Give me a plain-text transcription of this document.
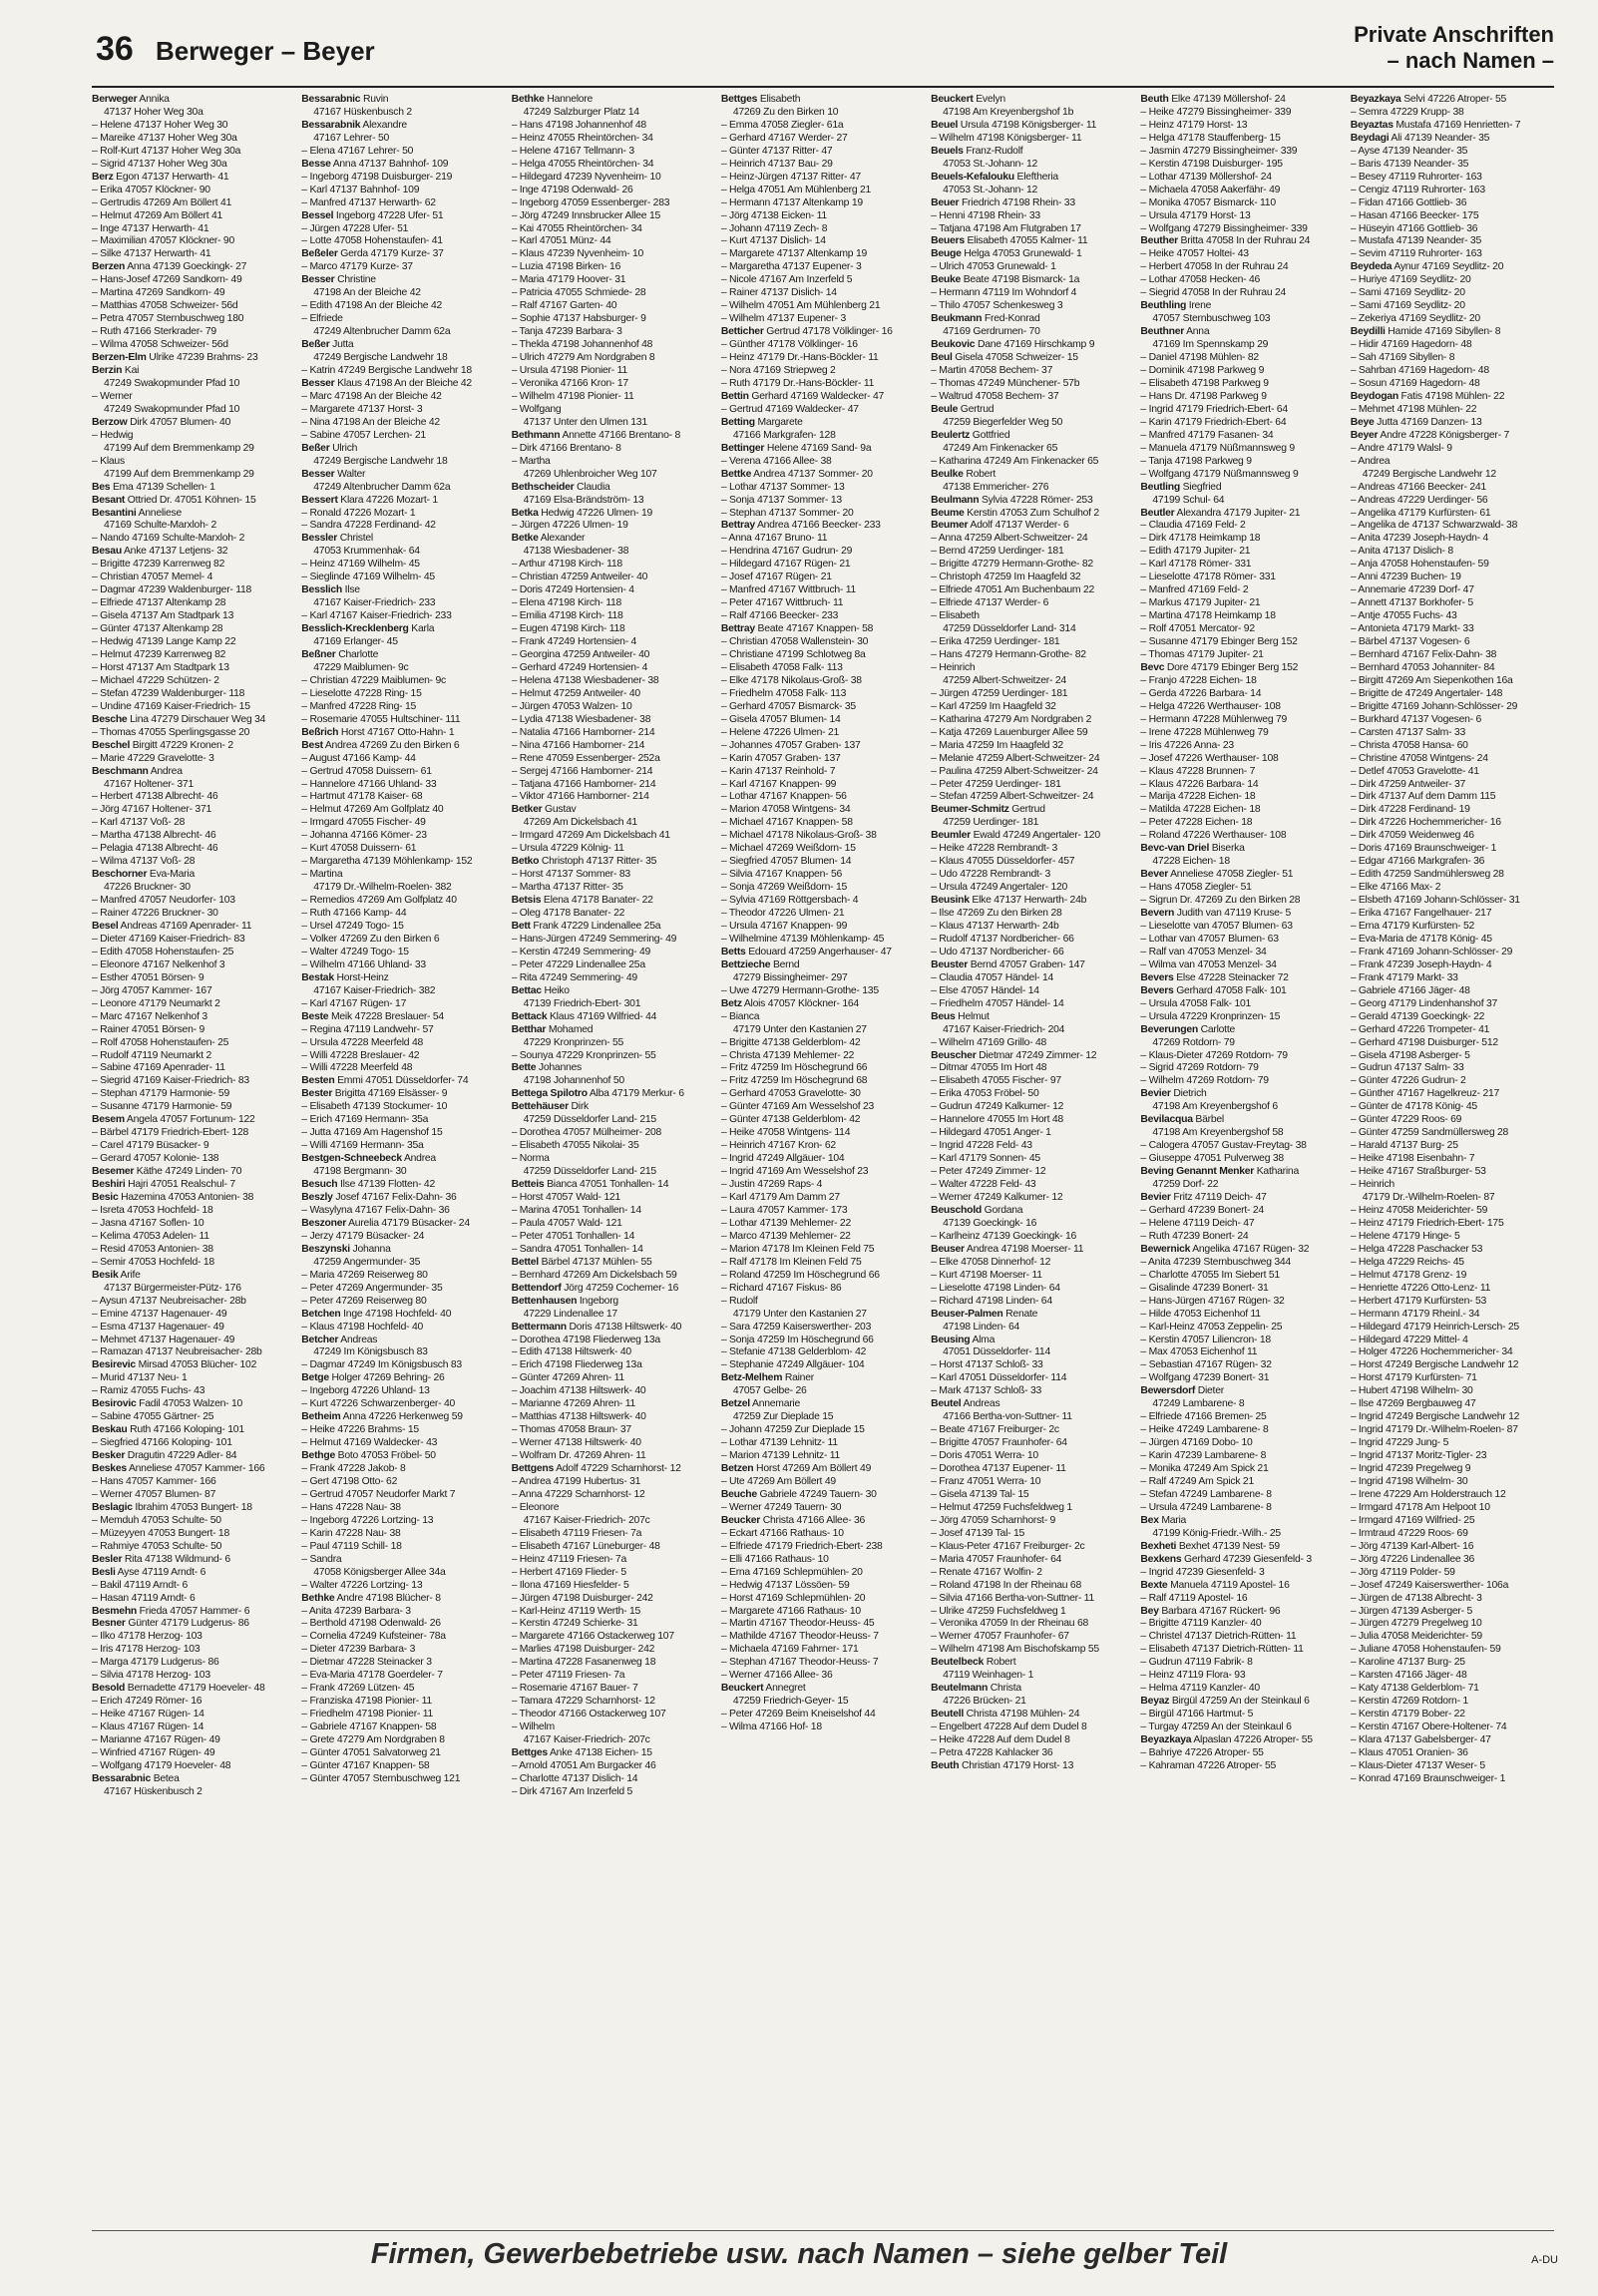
36 Berweger – Beyer
Private Anschriften
– nach Namen –
Berweger Annika
47137 Hoher Weg 30a
– Helene 47137 Hoher Weg 30
– Mareike 47137 Hoher Weg 30a
– Rolf-Kurt 47137 Hoher Weg 30a
– Sigrid 47137 Hoher Weg 30a
Berz Egon 47137 Herwarth- 41
– Erika 47057 Klöckner- 90
– Gertrudis 47269 Am Böllert 41
– Helmut 47269 Am Böllert 41
– Inge 47137 Herwarth- 41
– Maximilian 47057 Klöckner- 90
– Silke 47137 Herwarth- 41
Berzen Anna 47139 Goeckingk- 27
– Hans-Josef 47269 Sandkorn- 49
– Martina 47269 Sandkorn- 49
– Matthias 47058 Schweizer- 56d
– Petra 47057 Sternbuschweg 180
– Ruth 47166 Sterkrader- 79
– Wilma 47058 Schweizer- 56d
Berzen-Elm Ulrike 47239 Brahms- 23
Berzin Kai
47249 Swakopmunder Pfad 10
– Werner
47249 Swakopmunder Pfad 10
Berzow Dirk 47057 Blumen- 40
– Hedwig
47199 Auf dem Bremmenkamp 29
– Klaus
47199 Auf dem Bremmenkamp 29
Bes Ema 47139 Schellen- 1
Besant Ottried Dr. 47051 Köhnen- 15
Besantini Anneliese
47169 Schulte-Marxloh- 2
– Nando 47169 Schulte-Marxloh- 2
Besau Anke 47137 Letjens- 32
– Brigitte 47239 Karrenweg 82
– Christian 47057 Memel- 4
– Dagmar 47239 Waldenburger- 118
– Elfriede 47137 Altenkamp 28
– Gisela 47137 Am Stadtpark 13
– Günter 47137 Altenkamp 28
– Hedwig 47139 Lange Kamp 22
– Helmut 47239 Karrenweg 82
– Horst 47137 Am Stadtpark 13
– Michael 47229 Schützen- 2
– Stefan 47239 Waldenburger- 118
– Undine 47169 Kaiser-Friedrich- 15
Besche Lina 47279 Dirschauer Weg 34
– Thomas 47055 Sperlingsgasse 20
Beschel Birgitt 47229 Kronen- 2
– Marie 47229 Gravelotte- 3
Beschmann Andrea
47167 Holtener- 371
– Herbert 47138 Albrecht- 46
– Jörg 47167 Holtener- 371
– Karl 47137 Voß- 28
– Martha 47138 Albrecht- 46
– Pelagia 47138 Albrecht- 46
– Wilma 47137 Voß- 28
Beschorner Eva-Maria
47226 Bruckner- 30
– Manfred 47057 Neudorfer- 103
– Rainer 47226 Bruckner- 30
Besel Andreas 47169 Apenrader- 11
– Dieter 47169 Kaiser-Friedrich- 83
– Edith 47058 Hohenstaufen- 25
– Eleonore 47167 Nelkenhof 3
– Esther 47051 Börsen- 9
– Jörg 47057 Kammer- 167
– Leonore 47179 Neumarkt 2
– Marc 47167 Nelkenhof 3
– Rainer 47051 Börsen- 9
– Rolf 47058 Hohenstaufen- 25
– Rudolf 47119 Neumarkt 2
– Sabine 47169 Apenrader- 11
– Siegrid 47169 Kaiser-Friedrich- 83
– Stephan 47179 Harmonie- 59
– Susanne 47179 Harmonie- 59
Besem Angela 47057 Fortunum- 122
– Bärbel 47179 Friedrich-Ebert- 128
– Carel 47179 Büsacker- 9
– Gerard 47057 Kolonie- 138
Besemer Käthe 47249 Linden- 70
Beshiri Hajri 47051 Realschul- 7
Besic Hazemina 47053 Antonien- 38
– Isreta 47053 Hochfeld- 18
– Jasna 47167 Soflen- 10
– Kelima 47053 Adelen- 11
– Resid 47053 Antonien- 38
– Semir 47053 Hochfeld- 18
Besik Arife
47137 Bürgermeister-Pütz- 176
– Aysun 47137 Neubreisacher- 28b
– Emine 47137 Hagenauer- 49
– Esma 47137 Hagenauer- 49
– Mehmet 47137 Hagenauer- 49
– Ramazan 47137 Neubreisacher- 28b
Besirevic Mirsad 47053 Blücher- 102
– Murid 47137 Neu- 1
– Ramiz 47055 Fuchs- 43
Besirovic Fadil 47053 Walzen- 10
– Sabine 47055 Gärtner- 25
Beskau Ruth 47166 Koloping- 101
– Siegfried 47166 Koloping- 101
Besker Dragutin 47229 Adler- 84
Beskes Anneliese 47057 Kammer- 166
– Hans 47057 Kammer- 166
– Werner 47057 Blumen- 87
Beslagic Ibrahim 47053 Bungert- 18
– Memduh 47053 Schulte- 50
– Müzeyyen 47053 Bungert- 18
– Rahmiye 47053 Schulte- 50
Besler Rita 47138 Wildmund- 6
Besli Ayse 47119 Arndt- 6
– Bakil 47119 Arndt- 6
– Hasan 47119 Arndt- 6
Besmehn Frieda 47057 Hammer- 6
Besner Günter 47179 Ludgerus- 86
– Ilko 47178 Herzog- 103
– Iris 47178 Herzog- 103
– Marga 47179 Ludgerus- 86
– Silvia 47178 Herzog- 103
Besold Bernadette 47179 Hoeveler- 48
– Erich 47249 Römer- 16
– Heike 47167 Rügen- 14
– Klaus 47167 Rügen- 14
– Marianne 47167 Rügen- 49
– Winfried 47167 Rügen- 49
– Wolfgang 47179 Hoeveler- 48
Bessarabnic Betea
47167 Hüskenbusch 2
Bessarabnic Ruvin
47167 Hüskenbusch 2
Bessarabnik Alexandre
47167 Lehrer- 50
– Elena 47167 Lehrer- 50
Besse Anna 47137 Bahnhof- 109
– Ingeborg 47198 Duisburger- 219
– Karl 47137 Bahnhof- 109
– Manfred 47137 Herwarth- 62
Bessel Ingeborg 47228 Ufer- 51
– Jürgen 47228 Ufer- 51
– Lotte 47058 Hohenstaufen- 41
Beßeler Gerda 47179 Kurze- 37
– Marco 47179 Kurze- 37
Besser Christine
47198 An der Bleiche 42
– Edith 47198 An der Bleiche 42
– Elfriede
47249 Altenbrucher Damm 62a
Beßer Jutta
47249 Bergische Landwehr 18
– Katrin 47249 Bergische Landwehr 18
Besser Klaus 47198 An der Bleiche 42
– Marc 47198 An der Bleiche 42
– Margarete 47137 Horst- 3
– Nina 47198 An der Bleiche 42
– Sabine 47057 Lerchen- 21
Beßer Ulrich
47249 Bergische Landwehr 18
Besser Walter
47249 Altenbrucher Damm 62a
Bessert Klara 47226 Mozart- 1
– Ronald 47226 Mozart- 1
– Sandra 47228 Ferdinand- 42
Bessler Christel
47053 Krummenhak- 64
– Heinz 47169 Wilhelm- 45
– Sieglinde 47169 Wilhelm- 45
Besslich Ilse
47167 Kaiser-Friedrich- 233
– Karl 47167 Kaiser-Friedrich- 233
Besslich-Krecklenberg Karla
47169 Erlanger- 45
Beßner Charlotte
47229 Maiblumen- 9c
– Christian 47229 Maiblumen- 9c
– Lieselotte 47228 Ring- 15
– Manfred 47228 Ring- 15
– Rosemarie 47055 Hultschiner- 111
Beßrich Horst 47167 Otto-Hahn- 1
Best Andrea 47269 Zu den Birken 6
– August 47166 Kamp- 44
– Gertrud 47058 Duissern- 61
– Hannelore 47166 Uhland- 33
– Hartmut 47178 Kaiser- 68
– Helmut 47269 Am Golfplatz 40
– Irmgard 47055 Fischer- 49
– Johanna 47166 Kömer- 23
– Kurt 47058 Duissern- 61
– Margaretha 47139 Möhlenkamp- 152
– Martina
47179 Dr.-Wilhelm-Roelen- 382
– Remedios 47269 Am Golfplatz 40
– Ruth 47166 Kamp- 44
– Ursel 47249 Togo- 15
– Volker 47269 Zu den Birken 6
– Walter 47249 Togo- 15
– Wilhelm 47166 Uhland- 33
Bestak Horst-Heinz
47167 Kaiser-Friedrich- 382
– Karl 47167 Rügen- 17
Beste Meik 47228 Breslauer- 54
– Regina 47119 Landwehr- 57
– Ursula 47228 Meerfeld 48
– Willi 47228 Breslauer- 42
– Willi 47228 Meerfeld 48
Besten Emmi 47051 Düsseldorfer- 74
Bester Brigitta 47169 Elsässer- 9
– Elisabeth 47139 Stockumer- 10
– Erich 47169 Hermann- 35a
– Jutta 47169 Am Hagenshof 15
– Willi 47169 Hermann- 35a
Bestgen-Schneebeck Andrea
47198 Bergmann- 30
Besuch Ilse 47139 Flotten- 42
Beszly Josef 47167 Felix-Dahn- 36
– Wasylyna 47167 Felix-Dahn- 36
Beszoner Aurelia 47179 Büsacker- 24
– Jerzy 47179 Büsacker- 24
Beszynski Johanna
47259 Angermunder- 35
– Maria 47269 Reiserweg 80
– Peter 47269 Angermunder- 35
– Peter 47269 Reiserweg 80
Betchen Inge 47198 Hochfeld- 40
– Klaus 47198 Hochfeld- 40
Betcher Andreas
47249 Im Königsbusch 83
– Dagmar 47249 Im Königsbusch 83
Betge Holger 47269 Behring- 26
– Ingeborg 47226 Uhland- 13
– Kurt 47226 Schwarzenberger- 40
Betheim Anna 47226 Herkenweg 59
– Heike 47226 Brahms- 15
– Helmut 47169 Waldecker- 43
Bethge Boto 47053 Fröbel- 50
– Frank 47228 Jakob- 8
– Gert 47198 Otto- 62
– Gertrud 47057 Neudorfer Markt 7
– Hans 47228 Nau- 38
– Ingeborg 47226 Lortzing- 13
– Karin 47228 Nau- 38
– Paul 47119 Schill- 18
– Sandra
47058 Königsberger Allee 34a
– Walter 47226 Lortzing- 13
Bethke Andre 47198 Blücher- 8
– Anita 47239 Barbara- 3
– Berthold 47198 Odenwald- 26
– Cornelia 47249 Kufsteiner- 78a
– Dieter 47239 Barbara- 3
– Dietmar 47228 Steinacker 3
– Eva-Maria 47178 Goerdeler- 7
– Frank 47269 Lützen- 45
– Franziska 47198 Pionier- 11
– Friedhelm 47198 Pionier- 11
– Gabriele 47167 Knappen- 58
– Grete 47279 Am Nordgraben 8
– Günter 47051 Salvatorweg 21
– Günter 47167 Knappen- 58
– Günter 47057 Sternbuschweg 121
Bethke Hannelore
47249 Salzburger Platz 14
– Hans 47198 Johannenhof 48
– Heinz 47055 Rheintörchen- 34
– Helene 47167 Tellmann- 3
– Helga 47055 Rheintörchen- 34
– Hildegard 47239 Nyvenheim- 10
– Inge 47198 Odenwald- 26
– Ingeborg 47059 Essenberger- 283
– Jörg 47249 Innsbrucker Allee 15
– Kai 47055 Rheintörchen- 34
– Karl 47051 Münz- 44
– Klaus 47239 Nyvenheim- 10
– Luzia 47198 Birken- 16
– Maria 47179 Hoover- 31
– Patricia 47055 Schmiede- 28
– Ralf 47167 Garten- 40
– Sophie 47137 Habsburger- 9
– Tanja 47239 Barbara- 3
– Thekla 47198 Johannenhof 48
– Ulrich 47279 Am Nordgraben 8
– Ursula 47198 Pionier- 11
– Veronika 47166 Kron- 17
– Wilhelm 47198 Pionier- 11
– Wolfgang
47137 Unter den Ulmen 131
Bethmann Annette 47166 Brentano- 8
– Dirk 47166 Brentano- 8
– Martha
47269 Uhlenbroicher Weg 107
Bethscheider Claudia
47169 Elsa-Brändström- 13
Betka Hedwig 47226 Ulmen- 19
– Jürgen 47226 Ulmen- 19
Betke Alexander
47138 Wiesbadener- 38
– Arthur 47198 Kirch- 118
– Christian 47259 Antweiler- 40
– Doris 47249 Hortensien- 4
– Elena 47198 Kirch- 118
– Emilia 47198 Kirch- 118
– Eugen 47198 Kirch- 118
– Frank 47249 Hortensien- 4
– Georgina 47259 Antweiler- 40
– Gerhard 47249 Hortensien- 4
– Helena 47138 Wiesbadener- 38
– Helmut 47259 Antweiler- 40
– Jürgen 47053 Walzen- 10
– Lydia 47138 Wiesbadener- 38
– Natalia 47166 Hamborner- 214
– Nina 47166 Hamborner- 214
– Rene 47059 Essenberger- 252a
– Sergej 47166 Hamborner- 214
– Tatjana 47166 Hamborner- 214
– Viktor 47166 Hamborner- 214
Betker Gustav
47269 Am Dickelsbach 41
– Irmgard 47269 Am Dickelsbach 41
– Ursula 47229 Kölnig- 11
Betko Christoph 47137 Ritter- 35
– Horst 47137 Sommer- 83
– Martha 47137 Ritter- 35
Betsis Elena 47178 Banater- 22
– Oleg 47178 Banater- 22
Bett Frank 47229 Lindenallee 25a
– Hans-Jürgen 47249 Semmering- 49
– Kerstin 47249 Semmering- 49
– Peter 47229 Lindenallee 25a
– Rita 47249 Semmering- 49
Bettac Heiko
47139 Friedrich-Ebert- 301
Bettack Klaus 47169 Wilfried- 44
Betthar Mohamed
47229 Kronprinzen- 55
– Sounya 47229 Kronprinzen- 55
Bette Johannes
47198 Johannenhof 50
Bettega Spilotro Alba 47179 Merkur- 6
Bettehäuser Dirk
47259 Düsseldorfer Land- 215
– Dorothea 47057 Mülheimer- 208
– Elisabeth 47055 Nikolai- 35
– Norma
47259 Düsseldorfer Land- 215
Betteis Bianca 47051 Tonhallen- 14
– Horst 47057 Wald- 121
– Marina 47051 Tonhallen- 14
– Paula 47057 Wald- 121
– Peter 47051 Tonhallen- 14
– Sandra 47051 Tonhallen- 14
Bettel Bärbel 47137 Mühlen- 55
– Bernhard 47269 Am Dickelsbach 59
Bettendorf Jörg 47259 Cochemer- 16
Bettenhausen Ingeborg
47229 Lindenallee 17
Bettermann Doris 47138 Hiltswerk- 40
– Dorothea 47198 Fliederweg 13a
– Edith 47138 Hiltswerk- 40
– Erich 47198 Fliederweg 13a
– Günter 47269 Ahren- 11
– Joachim 47138 Hiltswerk- 40
– Marianne 47269 Ahren- 11
– Matthias 47138 Hiltswerk- 40
– Thomas 47058 Braun- 37
– Werner 47138 Hiltswerk- 40
– Wolfram Dr. 47269 Ahren- 11
Bettgens Adolf 47229 Scharnhorst- 12
– Andrea 47199 Hubertus- 31
– Anna 47229 Scharnhorst- 12
– Eleonore
47167 Kaiser-Friedrich- 207c
– Elisabeth 47119 Friesen- 7a
– Elisabeth 47167 Lüneburger- 48
– Heinz 47119 Friesen- 7a
– Herbert 47169 Flieder- 5
– Ilona 47169 Hiesfelder- 5
– Jürgen 47198 Duisburger- 242
– Karl-Heinz 47119 Werth- 15
– Kerstin 47249 Schierke- 31
– Margarete 47166 Ostackerweg 107
– Marlies 47198 Duisburger- 242
– Martina 47228 Fasanenweg 18
– Peter 47119 Friesen- 7a
– Rosemarie 47167 Bauer- 7
– Tamara 47229 Scharnhorst- 12
– Theodor 47166 Ostackerweg 107
– Wilhelm
47167 Kaiser-Friedrich- 207c
Bettges Anke 47138 Eichen- 15
– Arnold 47051 Am Burgacker 46
– Charlotte 47137 Dislich- 14
– Dirk 47167 Am Inzerfeld 5
Bettges Elisabeth
47269 Zu den Birken 10
– Emma 47058 Ziegler- 61a
– Gerhard 47167 Werder- 27
– Günter 47137 Ritter- 47
– Heinrich 47137 Bau- 29
– Heinz-Jürgen 47137 Ritter- 47
– Helga 47051 Am Mühlenberg 21
– Hermann 47137 Altenkamp 19
– Jörg 47138 Eicken- 11
– Johann 47119 Zech- 8
– Kurt 47137 Dislich- 14
– Margarete 47137 Altenkamp 19
– Margaretha 47137 Eupener- 3
– Nicole 47167 Am Inzerfeld 5
– Rainer 47137 Dislich- 14
– Wilhelm 47051 Am Mühlenberg 21
– Wilhelm 47137 Eupener- 3
Betticher Gertrud 47178 Völklinger- 16
– Günther 47178 Völklinger- 16
– Heinz 47179 Dr.-Hans-Böckler- 11
– Nora 47169 Striepweg 2
– Ruth 47179 Dr.-Hans-Böckler- 11
Bettin Gerhard 47169 Waldecker- 47
– Gertrud 47169 Waldecker- 47
Betting Margarete
47166 Markgrafen- 128
Bettinger Helene 47169 Sand- 9a
– Verena 47166 Allee- 38
Bettke Andrea 47137 Sommer- 20
– Lothar 47137 Sommer- 13
– Sonja 47137 Sommer- 13
– Stephan 47137 Sommer- 20
Bettray Andrea 47166 Beecker- 233
– Anna 47167 Bruno- 11
– Hendrina 47167 Gudrun- 29
– Hildegard 47167 Rügen- 21
– Josef 47167 Rügen- 21
– Manfred 47167 Wittbruch- 11
– Peter 47167 Wittbruch- 11
– Ralf 47166 Beecker- 233
Bettray Beate 47167 Knappen- 58
– Christian 47058 Wallenstein- 30
– Christiane 47199 Schlotweg 8a
– Elisabeth 47058 Falk- 113
– Elke 47178 Nikolaus-Groß- 38
– Friedhelm 47058 Falk- 113
– Gerhard 47057 Bismarck- 35
– Gisela 47057 Blumen- 14
– Helene 47226 Ulmen- 21
– Johannes 47057 Graben- 137
– Karin 47057 Graben- 137
– Karin 47137 Reinhold- 7
– Karl 47167 Knappen- 99
– Lothar 47167 Knappen- 56
– Marion 47058 Wintgens- 34
– Michael 47167 Knappen- 58
– Michael 47178 Nikolaus-Groß- 38
– Michael 47269 Weißdorn- 15
– Siegfried 47057 Blumen- 14
– Silvia 47167 Knappen- 56
– Sonja 47269 Weißdorn- 15
– Sylvia 47169 Röttgersbach- 4
– Theodor 47226 Ulmen- 21
– Ursula 47167 Knappen- 99
– Wilhelmine 47139 Möhlenkamp- 45
Betts Edouard 47259 Angerhauser- 47
Bettzieche Bernd
47279 Bissingheimer- 297
– Uwe 47279 Hermann-Grothe- 135
Betz Alois 47057 Klöckner- 164
– Bianca
47179 Unter den Kastanien 27
– Brigitte 47138 Gelderblom- 42
– Christa 47139 Mehlemer- 22
– Fritz 47259 Im Höschegrund 66
– Fritz 47259 Im Höschegrund 68
– Gerhard 47053 Gravelotte- 30
– Günter 47169 Am Wesselshof 23
– Günter 47138 Gelderblom- 42
– Heike 47058 Wintgens- 114
– Heinrich 47167 Kron- 62
– Ingrid 47249 Allgäuer- 104
– Ingrid 47169 Am Wesselshof 23
– Justin 47269 Raps- 4
– Karl 47179 Am Damm 27
– Laura 47057 Kammer- 173
– Lothar 47139 Mehlemer- 22
– Marco 47139 Mehlemer- 22
– Marion 47178 Im Kleinen Feld 75
– Ralf 47178 Im Kleinen Feld 75
– Roland 47259 Im Höschegrund 66
– Richard 47167 Fiskus- 86
– Rudolf
47179 Unter den Kastanien 27
– Sara 47259 Kaiserswerther- 203
– Sonja 47259 Im Höschegrund 66
– Stefanie 47138 Gelderblom- 42
– Stephanie 47249 Allgäuer- 104
Betz-Melhem Rainer
47057 Gelbe- 26
Betzel Annemarie
47259 Zur Dieplade 15
– Johann 47259 Zur Dieplade 15
– Lothar 47139 Lehnitz- 11
– Marion 47139 Lehnitz- 11
Betzen Horst 47269 Am Böllert 49
– Ute 47269 Am Böllert 49
Beuche Gabriele 47249 Tauern- 30
– Werner 47249 Tauern- 30
Beucker Christa 47166 Allee- 36
– Eckart 47166 Rathaus- 10
– Elfriede 47179 Friedrich-Ebert- 238
– Elli 47166 Rathaus- 10
– Erna 47169 Schlepmühlen- 20
– Hedwig 47137 Lössöen- 59
– Horst 47169 Schlepmühlen- 20
– Margarete 47166 Rathaus- 10
– Martin 47167 Theodor-Heuss- 45
– Mathilde 47167 Theodor-Heuss- 7
– Michaela 47169 Fahrner- 171
– Stephan 47167 Theodor-Heuss- 7
– Werner 47166 Allee- 36
Beuckert Annegret
47259 Friedrich-Geyer- 15
– Peter 47269 Beim Kneiselshof 44
– Wilma 47166 Hof- 18
Beuckert Evelyn
47198 Am Kreyenbergshof 1b
Beuel Ursula 47198 Königsberger- 11
– Wilhelm 47198 Königsberger- 11
Beuels Franz-Rudolf
47053 St.-Johann- 12
Beuels-Kefalouku Eleftheria
47053 St.-Johann- 12
Beuer Friedrich 47198 Rhein- 33
– Henni 47198 Rhein- 33
– Tatjana 47198 Am Flutgraben 17
Beuers Elisabeth 47055 Kalmer- 11
Beuge Helga 47053 Grunewald- 1
– Ulrich 47053 Grunewald- 1
Beuke Beate 47198 Bismarck- 1a
– Hermann 47119 Im Wohndorf 4
– Thilo 47057 Schenkesweg 3
Beukmann Fred-Konrad
47169 Gerdrumen- 70
Beukovic Dane 47169 Hirschkamp 9
Beul Gisela 47058 Schweizer- 15
– Martin 47058 Bechem- 37
– Thomas 47249 Münchener- 57b
– Waltrud 47058 Bechem- 37
Beule Gertrud
47259 Biegerfelder Weg 50
Beulertz Gottfried
47249 Am Finkenacker 65
– Katharina 47249 Am Finkenacker 65
Beulke Robert
47138 Emmericher- 276
Beulmann Sylvia 47228 Römer- 253
Beume Kerstin 47053 Zum Schulhof 2
Beumer Adolf 47137 Werder- 6
– Anna 47259 Albert-Schweitzer- 24
– Bernd 47259 Uerdinger- 181
– Brigitte 47279 Hermann-Grothe- 82
– Christoph 47259 Im Haagfeld 32
– Elfriede 47051 Am Buchenbaum 22
– Elfriede 47137 Werder- 6
– Elisabeth
47259 Düsseldorfer Land- 314
– Erika 47259 Uerdinger- 181
– Hans 47279 Hermann-Grothe- 82
– Heinrich
47259 Albert-Schweitzer- 24
– Jürgen 47259 Uerdinger- 181
– Karl 47259 Im Haagfeld 32
– Katharina 47279 Am Nordgraben 2
– Katja 47269 Lauenburger Allee 59
– Maria 47259 Im Haagfeld 32
– Melanie 47259 Albert-Schweitzer- 24
– Paulina 47259 Albert-Schweitzer- 24
– Peter 47259 Uerdinger- 181
– Stefan 47259 Albert-Schweitzer- 24
Beumer-Schmitz Gertrud
47259 Uerdinger- 181
Beumler Ewald 47249 Angertaler- 120
– Heike 47228 Rembrandt- 3
– Klaus 47055 Düsseldorfer- 457
– Udo 47228 Rembrandt- 3
– Ursula 47249 Angertaler- 120
Beusink Elke 47137 Herwarth- 24b
– Ilse 47269 Zu den Birken 28
– Klaus 47137 Herwarth- 24b
– Rudolf 47137 Nordbericher- 66
– Udo 47137 Nordbericher- 66
Beuster Bernd 47057 Graben- 147
– Claudia 47057 Händel- 14
– Else 47057 Händel- 14
– Friedhelm 47057 Händel- 14
Beus Helmut
47167 Kaiser-Friedrich- 204
– Wilhelm 47169 Grillo- 48
Beuscher Dietmar 47249 Zimmer- 12
– Ditmar 47055 Im Hort 48
– Elisabeth 47055 Fischer- 97
– Erika 47053 Fröbel- 50
– Gudrun 47249 Kalkumer- 12
– Hannelore 47055 Im Hort 48
– Hildegard 47051 Anger- 1
– Ingrid 47228 Feld- 43
– Karl 47179 Sonnen- 45
– Peter 47249 Zimmer- 12
– Walter 47228 Feld- 43
– Werner 47249 Kalkumer- 12
Beuschold Gordana
47139 Goeckingk- 16
– Karlheinz 47139 Goeckingk- 16
Beuser Andrea 47198 Moerser- 11
– Elke 47058 Dinnerhof- 12
– Kurt 47198 Moerser- 11
– Lieselotte 47198 Linden- 64
– Richard 47198 Linden- 64
Beuser-Palmen Renate
47198 Linden- 64
Beusing Alma
47051 Düsseldorfer- 114
– Horst 47137 Schloß- 33
– Karl 47051 Düsseldorfer- 114
– Mark 47137 Schloß- 33
Beutel Andreas
47166 Bertha-von-Suttner- 11
– Beate 47167 Freiburger- 2c
– Brigitte 47057 Fraunhofer- 64
– Doris 47051 Werra- 10
– Dorothea 47137 Eupener- 11
– Franz 47051 Werra- 10
– Gisela 47139 Tal- 15
– Helmut 47259 Fuchsfeldweg 1
– Jörg 47059 Scharnhorst- 9
– Josef 47139 Tal- 15
– Klaus-Peter 47167 Freiburger- 2c
– Maria 47057 Fraunhofer- 64
– Renate 47167 Wolfin- 2
– Roland 47198 In der Rheinau 68
– Silvia 47166 Bertha-von-Suttner- 11
– Ulrike 47259 Fuchsfeldweg 1
– Veronika 47059 In der Rheinau 68
– Werner 47057 Fraunhofer- 67
– Wilhelm 47198 Am Bischofskamp 55
Beutelbeck Robert
47119 Weinhagen- 1
Beutelmann Christa
47226 Brücken- 21
Beutell Christa 47198 Mühlen- 24
– Engelbert 47228 Auf dem Dudel 8
– Heike 47228 Auf dem Dudel 8
– Petra 47228 Kahlacker 36
Beuth Christian 47179 Horst- 13
Beuth Elke 47139 Möllershof- 24
– Heike 47279 Bissingheimer- 339
– Heinz 47179 Horst- 13
– Helga 47178 Stauffenberg- 15
– Jasmin 47279 Bissingheimer- 339
– Kerstin 47198 Duisburger- 195
– Lothar 47139 Möllershof- 24
– Michaela 47058 Aakerfähr- 49
– Monika 47057 Bismarck- 110
– Ursula 47179 Horst- 13
– Wolfgang 47279 Bissingheimer- 339
Beuther Britta 47058 In der Ruhrau 24
– Heike 47057 Holtei- 43
– Herbert 47058 In der Ruhrau 24
– Lothar 47058 Hecken- 46
– Siegrid 47058 In der Ruhrau 24
Beuthling Irene
47057 Sternbuschweg 103
Beuthner Anna
47169 Im Spennskamp 29
– Daniel 47198 Mühlen- 82
– Dominik 47198 Parkweg 9
– Elisabeth 47198 Parkweg 9
– Hans Dr. 47198 Parkweg 9
– Ingrid 47179 Friedrich-Ebert- 64
– Karin 47179 Friedrich-Ebert- 64
– Manfred 47179 Fasanen- 34
– Manuela 47179 Nüßmannsweg 9
– Tanja 47198 Parkweg 9
– Wolfgang 47179 Nüßmannsweg 9
Beutling Siegfried
47199 Schul- 64
Beutler Alexandra 47179 Jupiter- 21
– Claudia 47169 Feld- 2
– Dirk 47178 Heimkamp 18
– Edith 47179 Jupiter- 21
– Karl 47178 Römer- 331
– Lieselotte 47178 Römer- 331
– Manfred 47169 Feld- 2
– Markus 47179 Jupiter- 21
– Martina 47178 Heimkamp 18
– Rolf 47051 Mercator- 92
– Susanne 47179 Ebinger Berg 152
– Thomas 47179 Jupiter- 21
Bevc Dore 47179 Ebinger Berg 152
– Franjo 47228 Eichen- 18
– Gerda 47226 Barbara- 14
– Helga 47226 Werthauser- 108
– Hermann 47228 Mühlenweg 79
– Irene 47228 Mühlenweg 79
– Iris 47226 Anna- 23
– Josef 47226 Werthauser- 108
– Klaus 47228 Brunnen- 7
– Klaus 47226 Barbara- 14
– Marija 47228 Eichen- 18
– Matilda 47228 Eichen- 18
– Peter 47228 Eichen- 18
– Roland 47226 Werthauser- 108
Bevc-van Driel Biserka
47228 Eichen- 18
Bever Anneliese 47058 Ziegler- 51
– Hans 47058 Ziegler- 51
– Sigrun Dr. 47269 Zu den Birken 28
Bevern Judith van 47119 Kruse- 5
– Lieselotte van 47057 Blumen- 63
– Lothar van 47057 Blumen- 63
– Ralf van 47053 Menzel- 34
– Wilma van 47053 Menzel- 34
Bevers Else 47228 Steinacker 72
Bevers Gerhard 47058 Falk- 101
– Ursula 47058 Falk- 101
– Ursula 47229 Kronprinzen- 15
Beverungen Carlotte
47269 Rotdorn- 79
– Klaus-Dieter 47269 Rotdorn- 79
– Sigrid 47269 Rotdorn- 79
– Wilhelm 47269 Rotdorn- 79
Bevier Dietrich
47198 Am Kreyenbergshof 6
Bevilacqua Bärbel
47198 Am Kreyenbergshof 58
– Calogera 47057 Gustav-Freytag- 38
– Giuseppe 47051 Pulverweg 38
Beving Genannt Menker Katharina
47259 Dorf- 22
Bevier Fritz 47119 Deich- 47
– Gerhard 47239 Bonert- 24
– Helene 47119 Deich- 47
– Ruth 47239 Bonert- 24
Bewernick Angelika 47167 Rügen- 32
– Anita 47239 Sternbuschweg 344
– Charlotte 47055 Im Siebert 51
– Gisalinde 47239 Bonert- 31
– Hans-Jürgen 47167 Rügen- 32
– Hilde 47053 Eichenhof 11
– Karl-Heinz 47053 Zeppelin- 25
– Kerstin 47057 Liliencron- 18
– Max 47053 Eichenhof 11
– Sebastian 47167 Rügen- 32
– Wolfgang 47239 Bonert- 31
Bewersdorf Dieter
47249 Lambarene- 8
– Elfriede 47166 Bremen- 25
– Heike 47249 Lambarene- 8
– Jürgen 47169 Dobo- 10
– Karin 47239 Lambarene- 8
– Monika 47249 Am Spick 21
– Ralf 47249 Am Spick 21
– Stefan 47249 Lambarene- 8
– Ursula 47249 Lambarene- 8
Bex Maria
47199 König-Friedr.-Wilh.- 25
Bexheti Bexhet 47139 Nest- 59
Bexkens Gerhard 47239 Giesenfeld- 3
– Ingrid 47239 Giesenfeld- 3
Bexte Manuela 47119 Apostel- 16
– Ralf 47119 Apostel- 16
Bey Barbara 47167 Rückert- 96
– Brigitte 47119 Kanzler- 40
– Christel 47137 Dietrich-Rütten- 11
– Elisabeth 47137 Dietrich-Rütten- 11
– Gudrun 47119 Fabrik- 8
– Heinz 47119 Flora- 93
– Helma 47119 Kanzler- 40
Beyaz Birgül 47259 An der Steinkaul 6
– Birgül 47166 Hartmut- 5
– Turgay 47259 An der Steinkaul 6
Beyazkaya Alpaslan 47226 Atroper- 55
– Bahriye 47226 Atroper- 55
– Kahraman 47226 Atroper- 55
Beyazkaya Selvi 47226 Atroper- 55
– Semra 47229 Krupp- 38
Beyaztas Mustafa 47169 Henrietten- 7
Beydagi Ali 47139 Neander- 35
– Ayse 47139 Neander- 35
– Baris 47139 Neander- 35
– Besey 47119 Ruhrorter- 163
– Cengiz 47119 Ruhrorter- 163
– Fidan 47166 Gottlieb- 36
– Hasan 47166 Beecker- 175
– Hüseyin 47166 Gottlieb- 36
– Mustafa 47139 Neander- 35
– Sevim 47119 Ruhrorter- 163
Beydeda Aynur 47169 Seydlitz- 20
– Huriye 47169 Seydlitz- 20
– Sami 47169 Seydlitz- 20
– Sami 47169 Seydlitz- 20
– Zekeriya 47169 Seydlitz- 20
Beydilli Hamide 47169 Sibyllen- 8
– Hidir 47169 Hagedorn- 48
– Sah 47169 Sibyllen- 8
– Sahrban 47169 Hagedorn- 48
– Sosun 47169 Hagedorn- 48
Beydogan Fatis 47198 Mühlen- 22
– Mehmet 47198 Mühlen- 22
Beye Jutta 47169 Danzen- 13
Beyer Andre 47228 Königsberger- 7
– Andre 47179 Walsl- 9
– Andrea
47249 Bergische Landwehr 12
– Andreas 47166 Beecker- 241
– Andreas 47229 Uerdinger- 56
– Angelika 47179 Kurfürsten- 61
– Angelika de 47137 Schwarzwald- 38
– Anita 47239 Joseph-Haydn- 4
– Anita 47137 Dislich- 8
– Anja 47058 Hohenstaufen- 59
– Anni 47239 Buchen- 19
– Annemarie 47239 Dorf- 47
– Annett 47137 Borkhofer- 5
– Antje 47055 Fuchs- 43
– Antonieta 47179 Markt- 33
– Bärbel 47137 Vogesen- 6
– Bernhard 47167 Felix-Dahn- 38
– Bernhard 47053 Johanniter- 84
– Birgitt 47269 Am Siepenkothen 16a
– Brigitte de 47249 Angertaler- 148
– Brigitte 47169 Johann-Schlösser- 29
– Burkhard 47137 Vogesen- 6
– Carsten 47137 Salm- 33
– Christa 47058 Hansa- 60
– Christine 47058 Wintgens- 24
– Detlef 47053 Gravelotte- 41
– Dirk 47259 Antweiler- 37
– Dirk 47137 Auf dem Damm 115
– Dirk 47228 Ferdinand- 19
– Dirk 47226 Hochemmericher- 16
– Dirk 47059 Weidenweg 46
– Doris 47169 Braunschweiger- 1
– Edgar 47166 Markgrafen- 36
– Edith 47259 Sandmühlersweg 28
– Elke 47166 Max- 2
– Elsbeth 47169 Johann-Schlösser- 31
– Erika 47167 Fangelhauer- 217
– Erna 47179 Kurfürsten- 52
– Eva-Maria de 47178 König- 45
– Frank 47169 Johann-Schlösser- 29
– Frank 47239 Joseph-Haydn- 4
– Frank 47179 Markt- 33
– Gabriele 47166 Jäger- 48
– Georg 47179 Lindenhanshof 37
– Gerald 47139 Goeckingk- 22
– Gerhard 47226 Trompeter- 41
– Gerhard 47198 Duisburger- 512
– Gisela 47198 Asberger- 5
– Gudrun 47137 Salm- 33
– Günter 47226 Gudrun- 2
– Günther 47167 Hagelkreuz- 217
– Günter de 47178 König- 45
– Günter 47229 Roos- 69
– Günter 47259 Sandmüllersweg 28
– Harald 47137 Burg- 25
– Heike 47198 Eisenbahn- 7
– Heike 47167 Straßburger- 53
– Heinrich
47179 Dr.-Wilhelm-Roelen- 87
– Heinz 47058 Meiderichter- 59
– Heinz 47179 Friedrich-Ebert- 175
– Helene 47179 Hinge- 5
– Helga 47228 Paschacker 53
– Helga 47229 Reichs- 45
– Helmut 47178 Grenz- 19
– Henriette 47226 Otto-Lenz- 11
– Herbert 47179 Kurfürsten- 53
– Hermann 47179 Rheinl.- 34
– Hildegard 47179 Heinrich-Lersch- 25
– Hildegard 47229 Mittel- 4
– Holger 47226 Hochemmericher- 34
– Horst 47249 Bergische Landwehr 12
– Horst 47179 Kurfürsten- 71
– Hubert 47198 Wilhelm- 30
– Ilse 47269 Bergbauweg 47
– Ingrid 47249 Bergische Landwehr 12
– Ingrid 47179 Dr.-Wilhelm-Roelen- 87
– Ingrid 47229 Jung- 5
– Ingrid 47137 Moritz-Tigler- 23
– Ingrid 47239 Pregelweg 9
– Ingrid 47198 Wilhelm- 30
– Irene 47229 Am Holderstrauch 12
– Irmgard 47178 Am Helpoot 10
– Irmgard 47169 Wilfried- 25
– Irmtraud 47229 Roos- 69
– Jörg 47139 Karl-Albert- 16
– Jörg 47226 Lindenallee 36
– Jörg 47119 Polder- 59
– Josef 47249 Kaiserswerther- 106a
– Jürgen de 47138 Albrecht- 3
– Jürgen 47139 Asberger- 5
– Jürgen 47279 Pregelweg 10
– Julia 47058 Meiderichter- 59
– Juliane 47058 Hohenstaufen- 59
– Karoline 47137 Burg- 25
– Karsten 47166 Jäger- 48
– Katy 47138 Gelderblom- 71
– Kerstin 47269 Rotdorn- 1
– Kerstin 47179 Bober- 22
– Kerstin 47167 Obere-Holtener- 74
– Klara 47137 Gabelsberger- 47
– Klaus 47051 Oranien- 36
– Klaus-Dieter 47137 Weser- 5
– Konrad 47169 Braunschweiger- 1
Firmen, Gewerbebetriebe usw. nach Namen – siehe gelber Teil	A-DU
